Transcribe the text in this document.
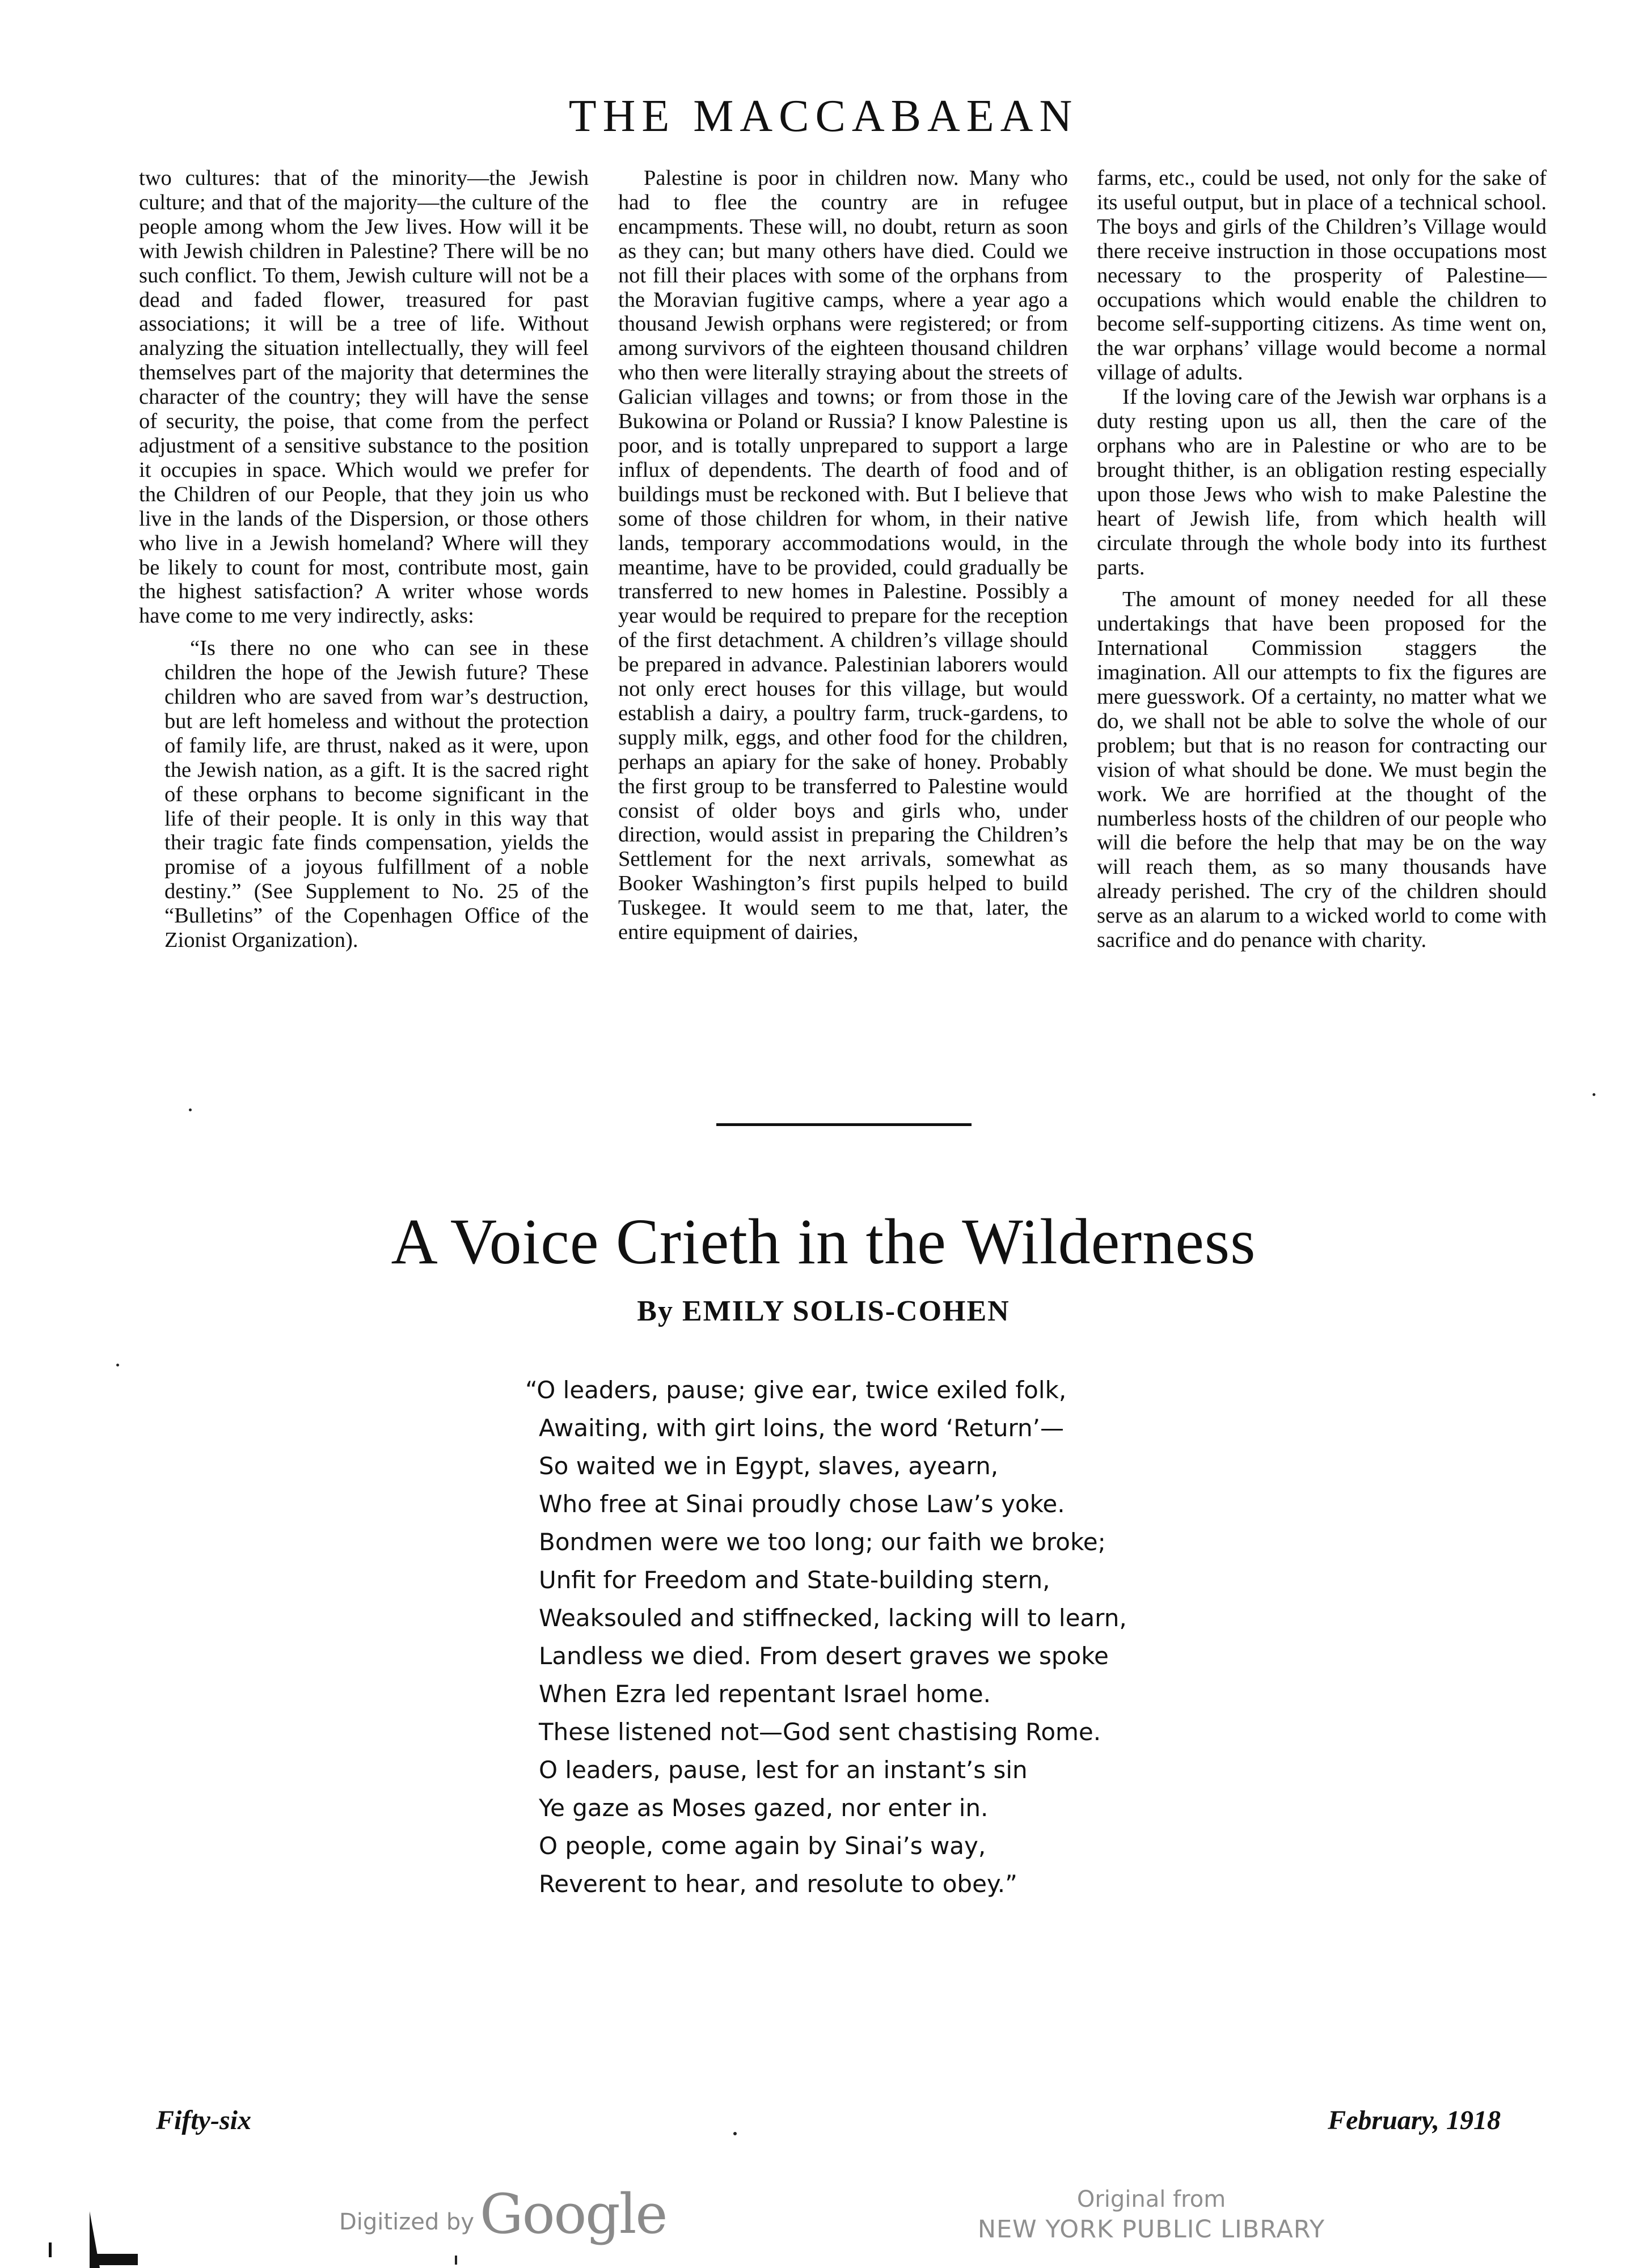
THE MACCABAEAN

two cultures: that of the minority—the Jewish culture; and that of the majority—the culture of the people among whom the Jew lives. How will it be with Jewish children in Palestine? There will be no such conflict. To them, Jewish culture will not be a dead and faded flower, treasured for past associations; it will be a tree of life. Without analyzing the situation intellectually, they will feel themselves part of the majority that determines the character of the country; they will have the sense of security, the poise, that come from the perfect adjustment of a sensitive substance to the position it occupies in space. Which would we prefer for the Children of our People, that they join us who live in the lands of the Dispersion, or those others who live in a Jewish homeland? Where will they be likely to count for most, contribute most, gain the highest satisfaction? A writer whose words have come to me very indirectly, asks:

“Is there no one who can see in these children the hope of the Jewish future? These children who are saved from war’s destruction, but are left homeless and without the protection of family life, are thrust, naked as it were, upon the Jewish nation, as a gift. It is the sacred right of these orphans to become significant in the life of their people. It is only in this way that their tragic fate finds compensation, yields the promise of a joyous fulfillment of a noble destiny.” (See Supplement to No. 25 of the “Bulletins” of the Copenhagen Office of the Zionist Organization).

Palestine is poor in children now. Many who had to flee the country are in refugee encampments. These will, no doubt, return as soon as they can; but many others have died. Could we not fill their places with some of the orphans from the Moravian fugitive camps, where a year ago a thousand Jewish orphans were registered; or from among survivors of the eighteen thousand children who then were literally straying about the streets of Galician villages and towns; or from those in the Bukowina or Poland or Russia? I know Palestine is poor, and is totally unprepared to support a large influx of dependents. The dearth of food and of buildings must be reckoned with. But I believe that some of those children for whom, in their native lands, temporary accommodations would, in the meantime, have to be provided, could gradually be transferred to new homes in Palestine. Possibly a year would be required to prepare for the reception of the first detachment. A children’s village should be prepared in advance. Palestinian laborers would not only erect houses for this village, but would establish a dairy, a poultry farm, truck-gardens, to supply milk, eggs, and other food for the children, perhaps an apiary for the sake of honey. Probably the first group to be transferred to Palestine would consist of older boys and girls who, under direction, would assist in preparing the Children’s Settlement for the next arrivals, somewhat as Booker Washington’s first pupils helped to build Tuskegee. It would seem to me that, later, the entire equipment of dairies,

farms, etc., could be used, not only for the sake of its useful output, but in place of a technical school. The boys and girls of the Children’s Village would there receive instruction in those occupations most necessary to the prosperity of Palestine—occupations which would enable the children to become self-supporting citizens. As time went on, the war orphans’ village would become a normal village of adults.

If the loving care of the Jewish war orphans is a duty resting upon us all, then the care of the orphans who are in Palestine or who are to be brought thither, is an obligation resting especially upon those Jews who wish to make Palestine the heart of Jewish life, from which health will circulate through the whole body into its furthest parts.

The amount of money needed for all these undertakings that have been proposed for the International Commission staggers the imagination. All our attempts to fix the figures are mere guesswork. Of a certainty, no matter what we do, we shall not be able to solve the whole of our problem; but that is no reason for contracting our vision of what should be done. We must begin the work. We are horrified at the thought of the numberless hosts of the children of our people who will die before the help that may be on the way will reach them, as so many thousands have already perished. The cry of the children should serve as an alarum to a wicked world to come with sacrifice and do penance with charity.

A Voice Crieth in the Wilderness
By EMILY SOLIS-COHEN
“O leaders, pause; give ear, twice exiled folk,
Awaiting, with girt loins, the word ‘Return’—
So waited we in Egypt, slaves, ayearn,
Who free at Sinai proudly chose Law’s yoke.
Bondmen were we too long; our faith we broke;
Unfit for Freedom and State-building stern,
Weaksouled and stiffnecked, lacking will to learn,
Landless we died. From desert graves we spoke
When Ezra led repentant Israel home.
These listened not—God sent chastising Rome.
O leaders, pause, lest for an instant’s sin
Ye gaze as Moses gazed, nor enter in.
O people, come again by Sinai’s way,
Reverent to hear, and resolute to obey.”
Fifty-six	February, 1918
Digitized by Google	Original from
NEW YORK PUBLIC LIBRARY
